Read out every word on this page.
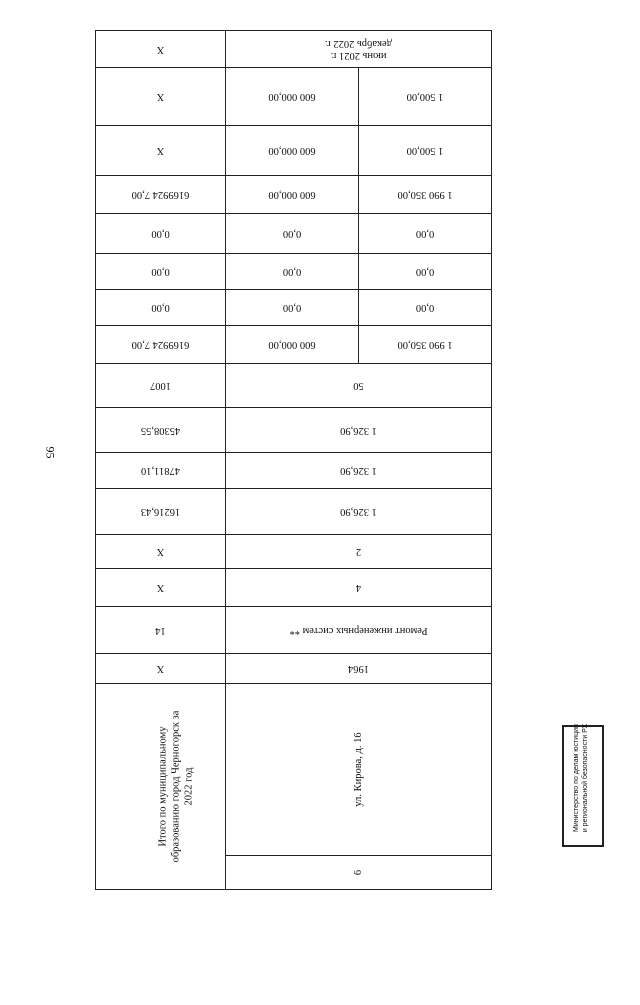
95
X	июнь 2021 г.
декабрь 2022 г.	

X	600 000,00	1 500,00

X	600 000,00	1 500,00

6169924 7,00	600 000,00	1 990 350,00

0,00	0,00	0,00

0,00	0,00	0,00

0,00	0,00	0,00

6169924 7,00	600 000,00	1 990 350,00

1007	50	

45308,55	1 326,90	

47811,10	1 326,90	

16216,43	1 326,90	

X	2	

X	4	

14	Ремонт инженерных систем **	

X	1964	

Итого по муниципальному образованию город Черногорск за 2022 год	ул. Кирова, д. 16	

	6	
Министерство по делам юстиции и региональной безопасности РХ
